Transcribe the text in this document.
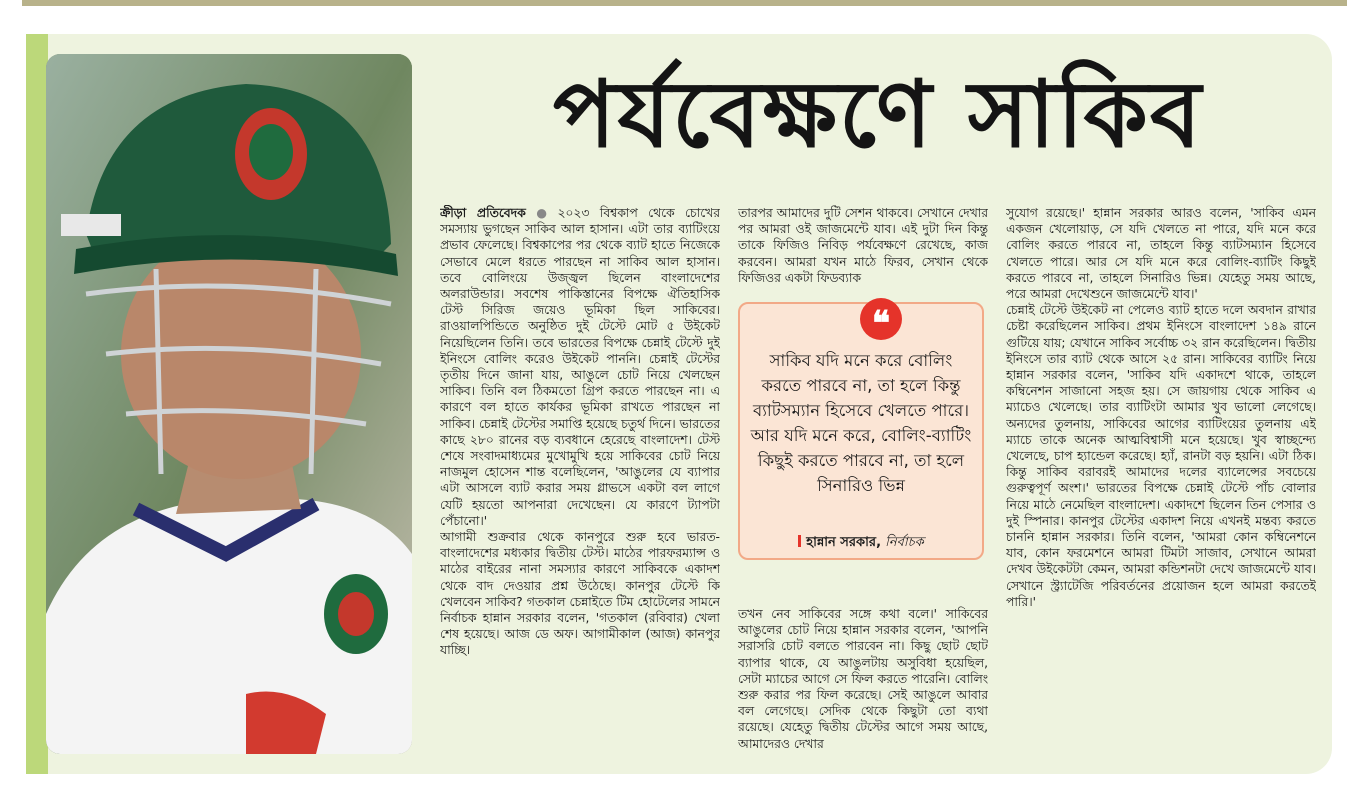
পর্যবেক্ষণে সাকিব

ক্রীড়া প্রতিবেদক ● ২০২৩ বিশ্বকাপ থেকে চোখের সমস্যায় ভুগছেন সাকিব আল হাসান। এটা তার ব্যাটিংয়ে প্রভাব ফেলেছে। বিশ্বকাপের পর থেকে ব্যাট হাতে নিজেকে সেভাবে মেলে ধরতে পারছেন না সাকিব আল হাসান। তবে বোলিংয়ে উজ্জ্বল ছিলেন বাংলাদেশের অলরাউন্ডার। সবশেষ পাকিস্তানের বিপক্ষে ঐতিহাসিক টেস্ট সিরিজ জয়েও ভূমিকা ছিল সাকিবের। রাওয়ালপিন্ডিতে অনুষ্ঠিত দুই টেস্টে মোট ৫ উইকেট নিয়েছিলেন তিনি। তবে ভারতের বিপক্ষে চেন্নাই টেস্টে দুই ইনিংসে বোলিং করেও উইকেট পাননি। চেন্নাই টেস্টের তৃতীয় দিনে জানা যায়, আঙুলে চোট নিয়ে খেলছেন সাকিব। তিনি বল ঠিকমতো গ্রিপ করতে পারছেন না। এ কারণে বল হাতে কার্যকর ভূমিকা রাখতে পারছেন না সাকিব। চেন্নাই টেস্টের সমাপ্তি হয়েছে চতুর্থ দিনে। ভারতের কাছে ২৮০ রানের বড় ব্যবধানে হেরেছে বাংলাদেশ। টেস্ট শেষে সংবাদমাধ্যমের মুখোমুখি হয়ে সাকিবের চোট নিয়ে নাজমুল হোসেন শান্ত বলেছিলেন, 'আঙুলের যে ব্যাপার এটা আসলে ব্যাট করার সময় গ্লাভসে একটা বল লাগে যেটি হয়তো আপনারা দেখেছেন। যে কারণে ট্যাপটা পেঁচানো।'

আগামী শুক্রবার থেকে কানপুরে শুরু হবে ভারত-বাংলাদেশের মধ্যকার দ্বিতীয় টেস্ট। মাঠের পারফরম্যান্স ও মাঠের বাইরের নানা সমস্যার কারণে সাকিবকে একাদশ থেকে বাদ দেওয়ার প্রশ্ন উঠেছে। কানপুর টেস্টে কি খেলবেন সাকিব? গতকাল চেন্নাইতে টিম হোটেলের সামনে নির্বাচক হান্নান সরকার বলেন, 'গতকাল (রবিবার) খেলা শেষ হয়েছে। আজ ডে অফ। আগামীকাল (আজ) কানপুর যাচ্ছি।

তারপর আমাদের দুটি সেশন থাকবে। সেখানে দেখার পর আমরা ওই জাজমেন্টে যাব। এই দুটা দিন কিন্তু তাকে ফিজিও নিবিড় পর্যবেক্ষণে রেখেছে, কাজ করবেন। আমরা যখন মাঠে ফিরব, সেখান থেকে ফিজিওর একটা ফিডব্যাক

❝

সাকিব যদি মনে করে বোলিং করতে পারবে না, তা হলে কিন্তু ব্যাটসম্যান হিসেবে খেলতে পারে। আর যদি মনে করে, বোলিং-ব্যাটিং কিছুই করতে পারবে না, তা হলে সিনারিও ভিন্ন

হান্নান সরকার, নির্বাচক

তখন নেব সাকিবের সঙ্গে কথা বলে।' সাকিবের আঙুলের চোট নিয়ে হান্নান সরকার বলেন, 'আপনি সরাসরি চোট বলতে পারবেন না। কিছু ছোট ছোট ব্যাপার থাকে, যে আঙুলটায় অসুবিধা হয়েছিল, সেটা ম্যাচের আগে সে ফিল করতে পারেনি। বোলিং শুরু করার পর ফিল করেছে। সেই আঙুলে আবার বল লেগেছে। সেদিক থেকে কিছুটা তো ব্যথা রয়েছে। যেহেতু দ্বিতীয় টেস্টের আগে সময় আছে, আমাদেরও দেখার

সুযোগ রয়েছে।' হান্নান সরকার আরও বলেন, 'সাকিব এমন একজন খেলোয়াড়, সে যদি খেলতে না পারে, যদি মনে করে বোলিং করতে পারবে না, তাহলে কিন্তু ব্যাটসম্যান হিসেবে খেলতে পারে। আর সে যদি মনে করে বোলিং-ব্যাটিং কিছুই করতে পারবে না, তাহলে সিনারিও ভিন্ন। যেহেতু সময় আছে, পরে আমরা দেখেশুনে জাজমেন্টে যাব।'

চেন্নাই টেস্টে উইকেট না পেলেও ব্যাট হাতে দলে অবদান রাখার চেষ্টা করেছিলেন সাকিব। প্রথম ইনিংসে বাংলাদেশ ১৪৯ রানে গুটিয়ে যায়; যেখানে সাকিব সর্বোচ্চ ৩২ রান করেছিলেন। দ্বিতীয় ইনিংসে তার ব্যাট থেকে আসে ২৫ রান। সাকিবের ব্যাটিং নিয়ে হান্নান সরকার বলেন, 'সাকিব যদি একাদশে থাকে, তাহলে কম্বিনেশন সাজানো সহজ হয়। সে জায়গায় থেকে সাকিব এ ম্যাচেও খেলেছে। তার ব্যাটিংটা আমার খুব ভালো লেগেছে। অন্যদের তুলনায়, সাকিবের আগের ব্যাটিংয়ের তুলনায় এই ম্যাচে তাকে অনেক আত্মবিশ্বাসী মনে হয়েছে। খুব স্বাচ্ছন্দ্যে খেলেছে, চাপ হ্যান্ডেল করেছে। হ্যাঁ, রানটা বড় হয়নি। এটা ঠিক। কিন্তু সাকিব বরাবরই আমাদের দলের ব্যালেন্সের সবচেয়ে গুরুত্বপূর্ণ অংশ।' ভারতের বিপক্ষে চেন্নাই টেস্টে পাঁচ বোলার নিয়ে মাঠে নেমেছিল বাংলাদেশ। একাদশে ছিলেন তিন পেসার ও দুই স্পিনার। কানপুর টেস্টের একাদশ নিয়ে এখনই মন্তব্য করতে চাননি হান্নান সরকার। তিনি বলেন, 'আমরা কোন কম্বিনেশনে যাব, কোন ফরমেশনে আমরা টিমটা সাজাব, সেখানে আমরা দেখব উইকেটটা কেমন, আমরা কন্ডিশনটা দেখে জাজমেন্টে যাব। সেখানে স্ট্র্যাটেজি পরিবর্তনের প্রয়োজন হলে আমরা করতেই পারি।'
